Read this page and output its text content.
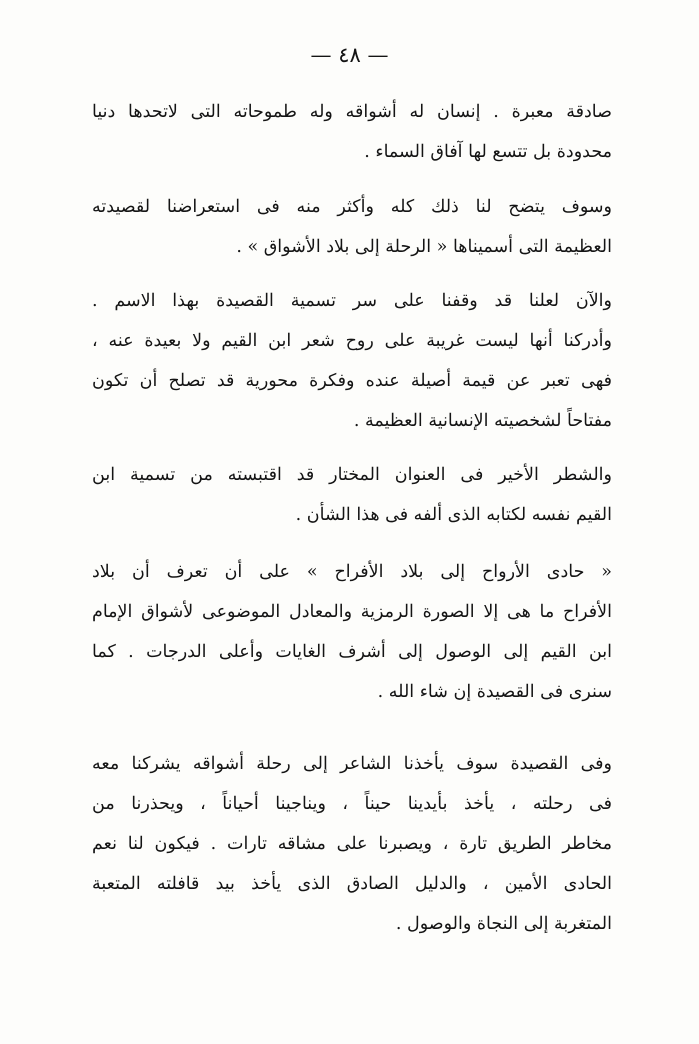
— ٤٨ —
صادقة معبرة . إنسان له أشواقه وله طموحاته التى لاتحدها دنيا
محدودة بل تتسع لها آفاق السماء .
وسوف يتضح لنا ذلك كله وأكثر منه فى استعراضنا لقصيدته
العظيمة التى أسميناها « الرحلة إلى بلاد الأشواق » .
والآن لعلنا قد وقفنا على سر تسمية القصيدة بهذا الاسم .
وأدركنا أنها ليست غريبة على روح شعر ابن القيم ولا بعيدة عنه ،
فهى تعبر عن قيمة أصيلة عنده وفكرة محورية قد تصلح أن تكون
مفتاحاً لشخصيته الإنسانية العظيمة .
والشطر الأخير فى العنوان المختار قد اقتبسته من تسمية ابن
القيم نفسه لكتابه الذى ألفه فى هذا الشأن .
« حادى الأرواح إلى بلاد الأفراح » على أن تعرف أن بلاد
الأفراح ما هى إلا الصورة الرمزية والمعادل الموضوعى لأشواق الإمام
ابن القيم إلى الوصول إلى أشرف الغايات وأعلى الدرجات . كما
سنرى فى القصيدة إن شاء الله .
وفى القصيدة سوف يأخذنا الشاعر إلى رحلة أشواقه يشركنا معه
فى رحلته ، يأخذ بأيدينا حيناً ، ويناجينا أحياناً ، ويحذرنا من
مخاطر الطريق تارة ، ويصبرنا على مشاقه تارات . فيكون لنا نعم
الحادى الأمين ، والدليل الصادق الذى يأخذ بيد قافلته المتعبة
المتغربة إلى النجاة والوصول .
